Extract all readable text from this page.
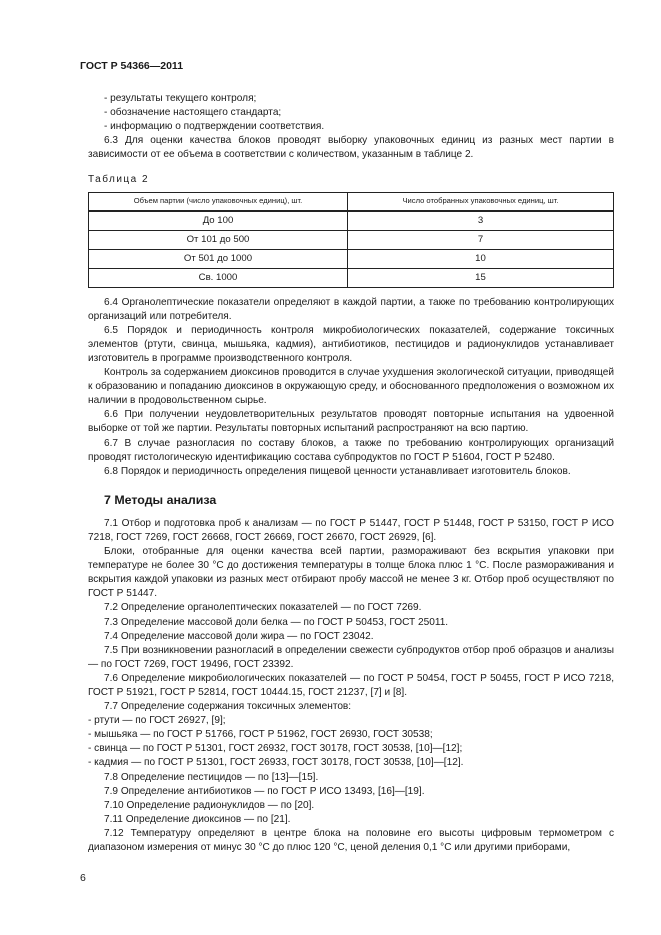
ГОСТ Р 54366—2011

- результаты текущего контроля;

- обозначение настоящего стандарта;

- информацию о подтверждении соответствия.

6.3 Для оценки качества блоков проводят выборку упаковочных единиц из разных мест партии в зависимости от ее объема в соответствии с количеством, указанным в таблице 2.

Таблица 2
Объем партии (число упаковочных единиц), шт.	Число отобранных упаковочных единиц, шт.
До 100	3
От 101 до 500	7
От 501 до 1000	10
Св. 1000	15

6.4 Органолептические показатели определяют в каждой партии, а также по требованию контролирующих организаций или потребителя.

6.5 Порядок и периодичность контроля микробиологических показателей, содержание токсичных элементов (ртути, свинца, мышьяка, кадмия), антибиотиков, пестицидов и радионуклидов устанавливает изготовитель в программе производственного контроля.

Контроль за содержанием диоксинов проводится в случае ухудшения экологической ситуации, приводящей к образованию и попаданию диоксинов в окружающую среду, и обоснованного предположения о возможном их наличии в продовольственном сырье.

6.6 При получении неудовлетворительных результатов проводят повторные испытания на удвоенной выборке от той же партии. Результаты повторных испытаний распространяют на всю партию.

6.7 В случае разногласия по составу блоков, а также по требованию контролирующих организаций проводят гистологическую идентификацию состава субпродуктов по ГОСТ Р 51604, ГОСТ Р 52480.

6.8 Порядок и периодичность определения пищевой ценности устанавливает изготовитель блоков.

7 Методы анализа

7.1 Отбор и подготовка проб к анализам — по ГОСТ Р 51447, ГОСТ Р 51448, ГОСТ Р 53150, ГОСТ Р ИСО 7218, ГОСТ 7269, ГОСТ 26668, ГОСТ 26669, ГОСТ 26670, ГОСТ 26929, [6].

Блоки, отобранные для оценки качества всей партии, размораживают без вскрытия упаковки при температуре не более 30 °С до достижения температуры в толще блока плюс 1 °С. После размораживания и вскрытия каждой упаковки из разных мест отбирают пробу массой не менее 3 кг. Отбор проб осуществляют по ГОСТ Р 51447.

7.2 Определение органолептических показателей — по ГОСТ 7269.

7.3 Определение массовой доли белка — по ГОСТ Р 50453, ГОСТ 25011.

7.4 Определение массовой доли жира — по ГОСТ 23042.

7.5 При возникновении разногласий в определении свежести субпродуктов отбор проб образцов и анализы — по ГОСТ 7269, ГОСТ 19496, ГОСТ 23392.

7.6 Определение микробиологических показателей — по ГОСТ Р 50454, ГОСТ Р 50455, ГОСТ Р ИСО 7218, ГОСТ Р 51921, ГОСТ Р 52814, ГОСТ 10444.15, ГОСТ 21237, [7] и [8].

7.7 Определение содержания токсичных элементов:

- ртути — по ГОСТ 26927, [9];

- мышьяка — по ГОСТ Р 51766, ГОСТ Р 51962, ГОСТ 26930, ГОСТ 30538;

- свинца — по ГОСТ Р 51301, ГОСТ 26932, ГОСТ 30178, ГОСТ 30538, [10]—[12];

- кадмия — по ГОСТ Р 51301, ГОСТ 26933, ГОСТ 30178, ГОСТ 30538, [10]—[12].

7.8 Определение пестицидов — по [13]—[15].

7.9 Определение антибиотиков — по ГОСТ Р ИСО 13493, [16]—[19].

7.10 Определение радионуклидов — по [20].

7.11 Определение диоксинов — по [21].

7.12 Температуру определяют в центре блока на половине его высоты цифровым термометром с диапазоном измерения от минус 30 °С до плюс 120 °С, ценой деления 0,1 °С или другими приборами,

6
